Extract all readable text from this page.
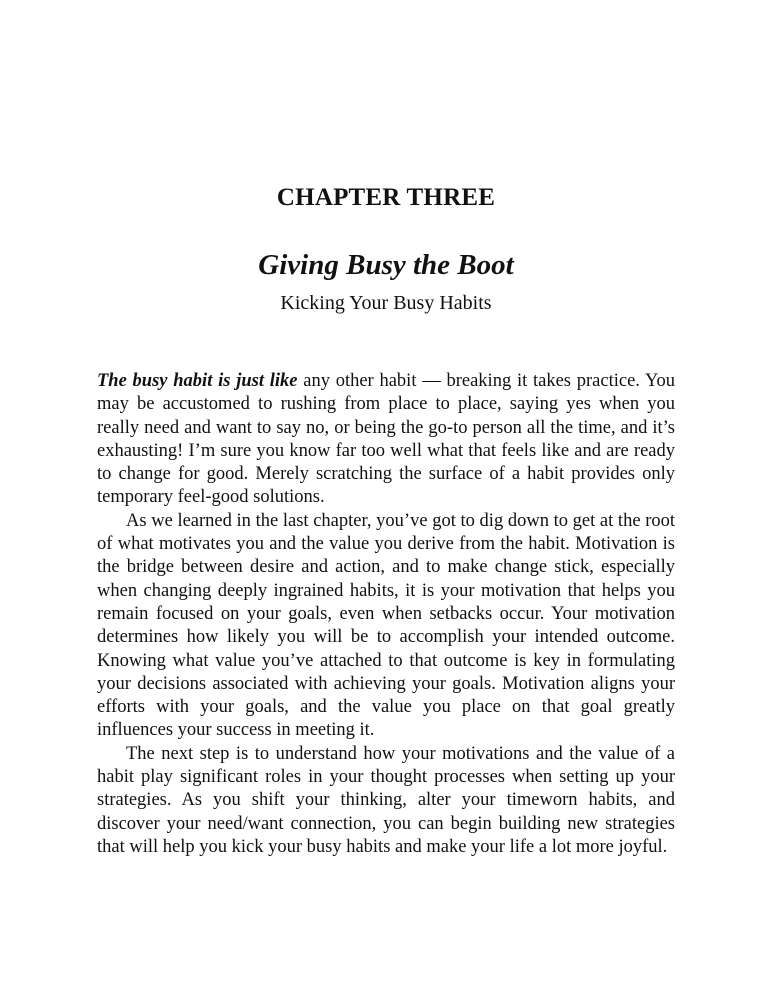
CHAPTER THREE
Giving Busy the Boot
Kicking Your Busy Habits

The busy habit is just like any other habit — breaking it takes practice. You may be accustomed to rushing from place to place, saying yes when you really need and want to say no, or being the go-to person all the time, and it’s exhausting! I’m sure you know far too well what that feels like and are ready to change for good. Merely scratching the surface of a habit provides only temporary feel-good solutions.

As we learned in the last chapter, you’ve got to dig down to get at the root of what motivates you and the value you derive from the habit. Motivation is the bridge between desire and action, and to make change stick, especially when changing deeply ingrained habits, it is your motivation that helps you remain focused on your goals, even when setbacks occur. Your motivation determines how likely you will be to accomplish your intended outcome. Knowing what value you’ve attached to that outcome is key in formulating your decisions associated with achieving your goals. Motivation aligns your efforts with your goals, and the value you place on that goal greatly influences your success in meeting it.

The next step is to understand how your motivations and the value of a habit play significant roles in your thought processes when setting up your strategies. As you shift your thinking, alter your timeworn habits, and discover your need/want connection, you can begin building new strategies that will help you kick your busy habits and make your life a lot more joyful.
